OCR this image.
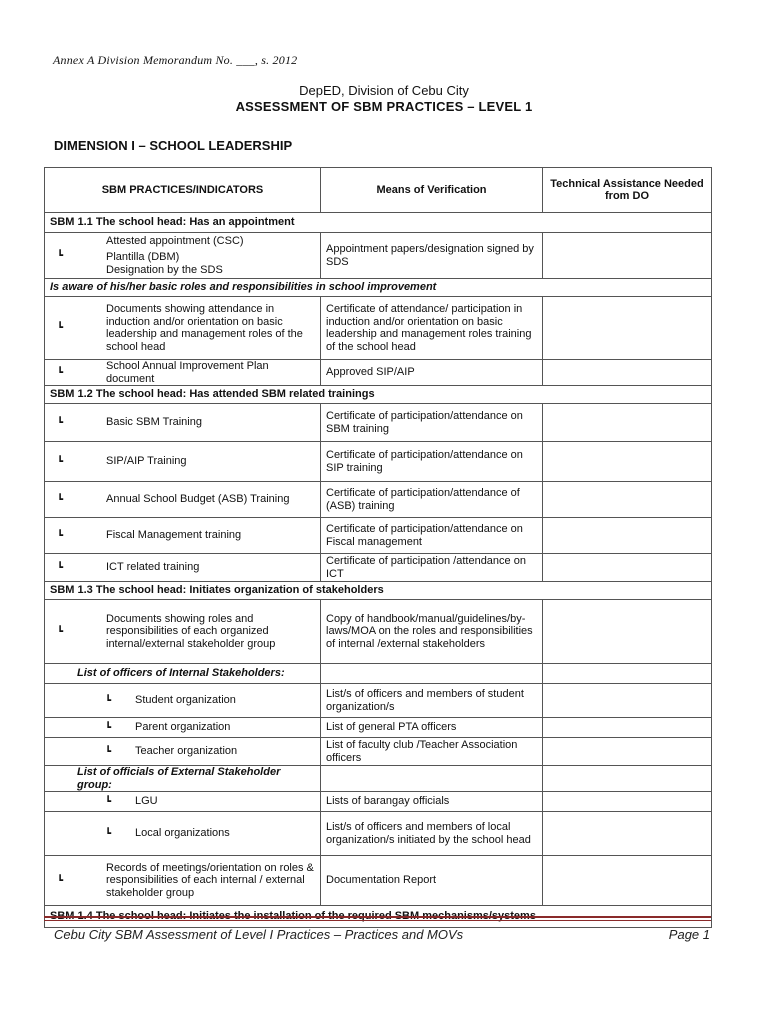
Annex A Division Memorandum No. ___, s. 2012
DepED, Division of Cebu City
ASSESSMENT OF SBM PRACTICES – LEVEL 1
DIMENSION I – SCHOOL LEADERSHIP
SBM PRACTICES/INDICATORS	Means of Verification	Technical Assistance Needed from DO
SBM 1.1 The school head: Has an appointment		

┗
Attested appointment (CSC)
Plantilla (DBM)
Designation by the SDS	Appointment papers/designation signed by SDS	
Is aware of his/her basic roles and responsibilities in school improvement		

┗
Documents showing attendance in induction and/or orientation on basic leadership and management roles of the school head	Certificate of attendance/ participation in induction and/or orientation on basic leadership and management roles training of the school head	

┗
School Annual Improvement Plan document	Approved SIP/AIP	
SBM 1.2 The school head: Has attended SBM related trainings		

┗ Basic SBM Training	Certificate of participation/attendance on SBM training	

┗ SIP/AIP Training	Certificate of participation/attendance on SIP training	

┗ Annual School Budget (ASB) Training	Certificate of participation/attendance of (ASB) training	

┗ Fiscal Management training	Certificate of participation/attendance on Fiscal management	

┗ ICT related training	Certificate of participation /attendance on ICT	
SBM 1.3 The school head: Initiates organization of stakeholders		

┗
Documents showing roles and responsibilities of each organized internal/external stakeholder group	Copy of handbook/manual/guidelines/by-laws/MOA on the roles and responsibilities of internal /external stakeholders	
List of officers of Internal Stakeholders:		

┗ Student organization	List/s of officers and members of student organization/s	

┗ Parent organization	List of general PTA officers	

┗ Teacher organization	List of faculty club /Teacher Association officers	
List of officials of External Stakeholder group:		

┗ LGU	Lists of barangay officials	

┗ Local organizations	List/s of officers and members of local organization/s initiated by the school head	

┗
Records of meetings/orientation on roles & responsibilities of each internal / external stakeholder group	Documentation Report	

Cebu City SBM Assessment of Level I Practices – Practices and MOVs	Page 1
